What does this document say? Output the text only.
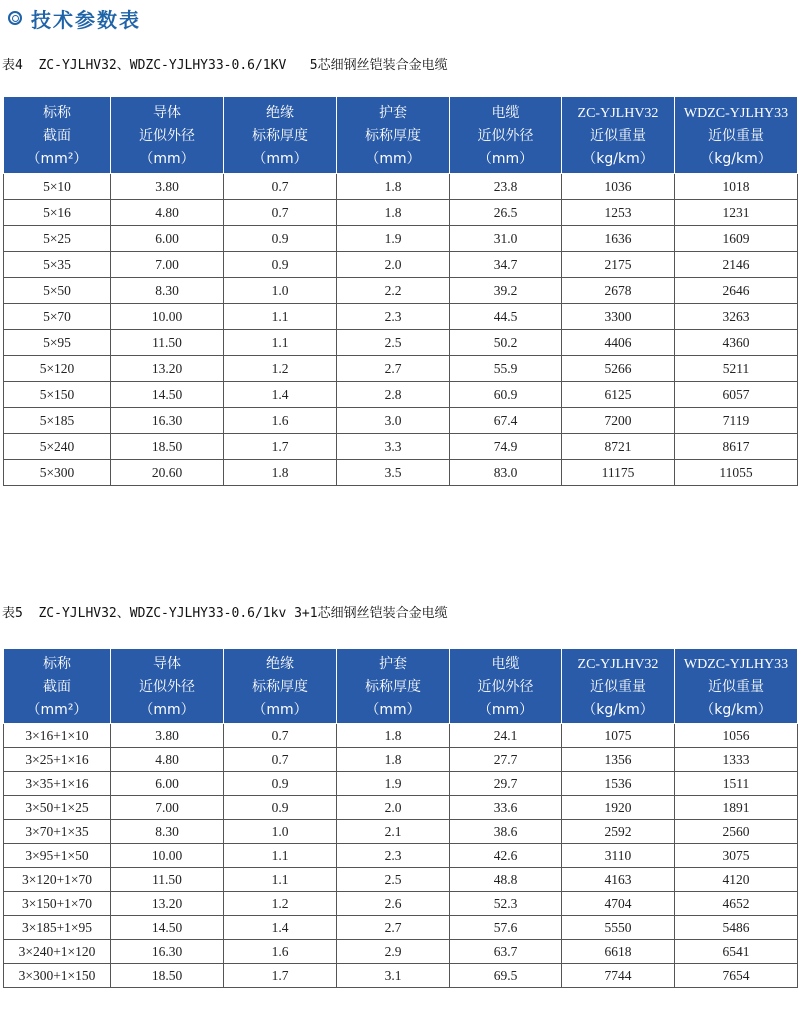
技术参数表
表4  ZC-YJLHV32、WDZC-YJLHY33-0.6/1KV   5芯细钢丝铠装合金电缆
标称
截面
（mm²）	导体
近似外径
（mm）	绝缘
标称厚度
（mm）	护套
标称厚度
（mm）	电缆
近似外径
（mm）	ZC-YJLHV32
近似重量
（kg/km）	WDZC-YJLHY33
近似重量
（kg/km）

5×10	3.80	0.7	1.8	23.8	1036	1018
5×16	4.80	0.7	1.8	26.5	1253	1231
5×25	6.00	0.9	1.9	31.0	1636	1609
5×35	7.00	0.9	2.0	34.7	2175	2146
5×50	8.30	1.0	2.2	39.2	2678	2646
5×70	10.00	1.1	2.3	44.5	3300	3263
5×95	11.50	1.1	2.5	50.2	4406	4360
5×120	13.20	1.2	2.7	55.9	5266	5211
5×150	14.50	1.4	2.8	60.9	6125	6057
5×185	16.30	1.6	3.0	67.4	7200	7119
5×240	18.50	1.7	3.3	74.9	8721	8617
5×300	20.60	1.8	3.5	83.0	11175	11055
表5  ZC-YJLHV32、WDZC-YJLHY33-0.6/1kv 3+1芯细钢丝铠装合金电缆
标称
截面
（mm²）	导体
近似外径
（mm）	绝缘
标称厚度
（mm）	护套
标称厚度
（mm）	电缆
近似外径
（mm）	ZC-YJLHV32
近似重量
（kg/km）	WDZC-YJLHY33
近似重量
（kg/km）

3×16+1×10	3.80	0.7	1.8	24.1	1075	1056
3×25+1×16	4.80	0.7	1.8	27.7	1356	1333
3×35+1×16	6.00	0.9	1.9	29.7	1536	1511
3×50+1×25	7.00	0.9	2.0	33.6	1920	1891
3×70+1×35	8.30	1.0	2.1	38.6	2592	2560
3×95+1×50	10.00	1.1	2.3	42.6	3110	3075
3×120+1×70	11.50	1.1	2.5	48.8	4163	4120
3×150+1×70	13.20	1.2	2.6	52.3	4704	4652
3×185+1×95	14.50	1.4	2.7	57.6	5550	5486
3×240+1×120	16.30	1.6	2.9	63.7	6618	6541
3×300+1×150	18.50	1.7	3.1	69.5	7744	7654
